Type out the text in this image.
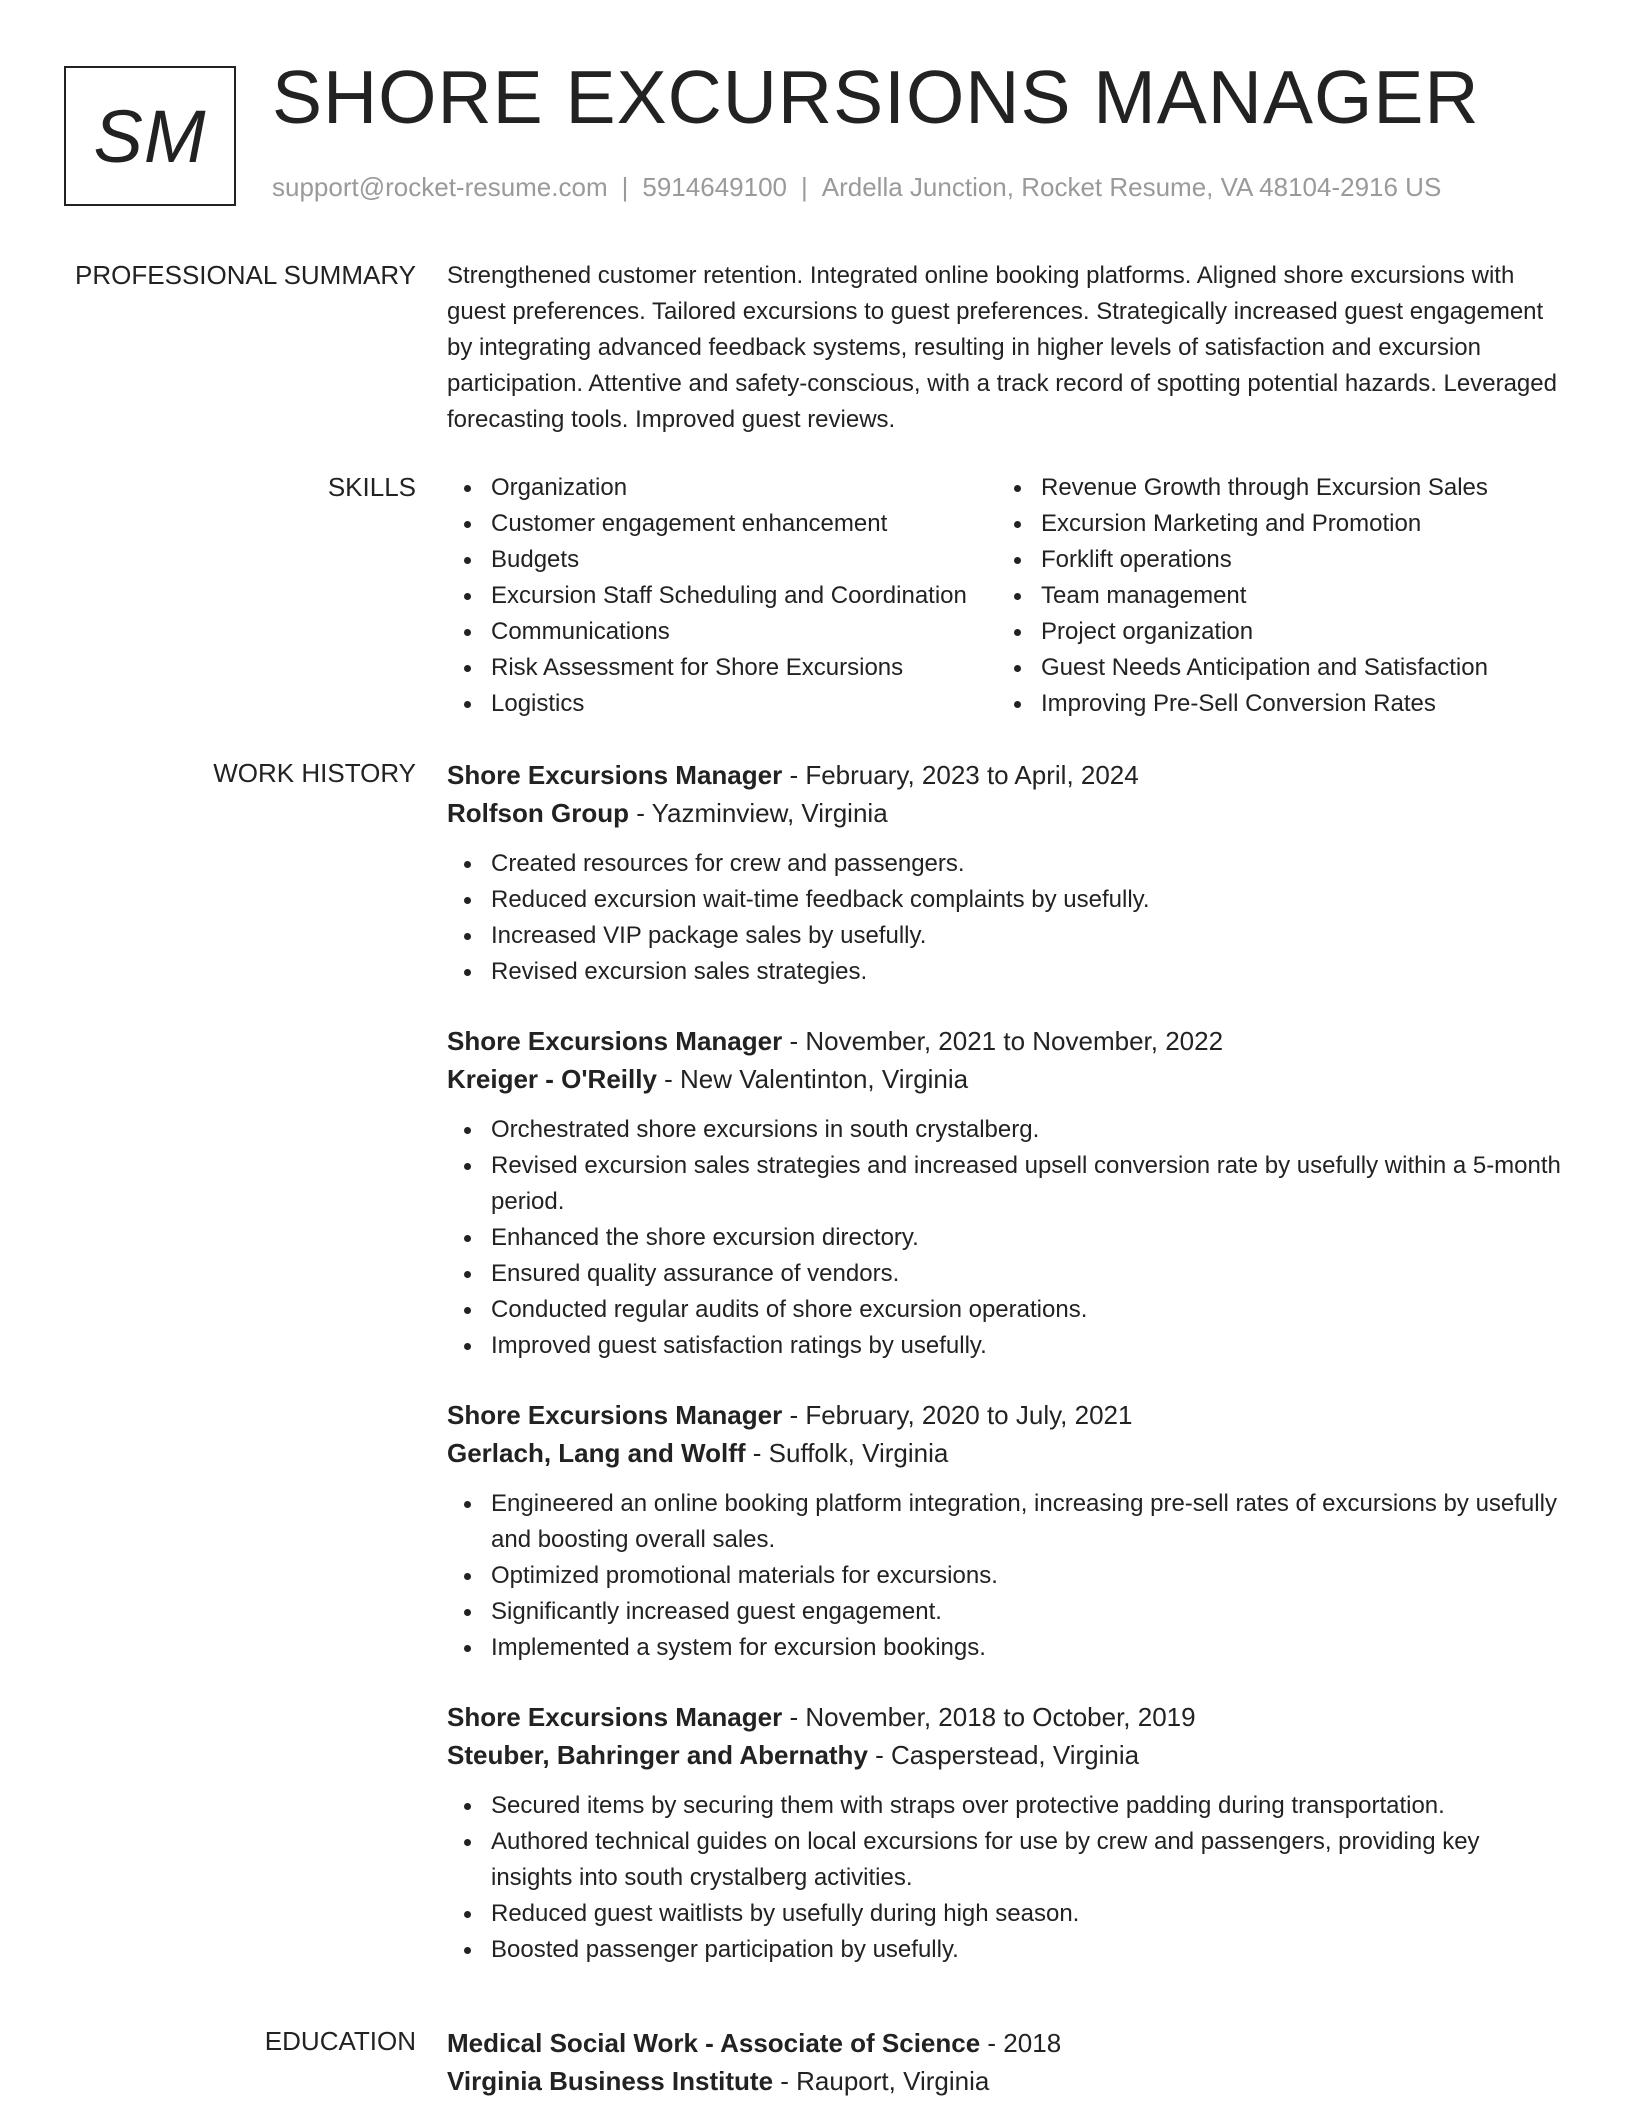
SM SHORE EXCURSIONS MANAGER
support@rocket-resume.com | 5914649100 | Ardella Junction, Rocket Resume, VA 48104-2916 US
PROFESSIONAL SUMMARY Strengthened customer retention. Integrated online booking platforms. Aligned shore excursions with guest preferences. Tailored excursions to guest preferences. Strategically increased guest engagement by integrating advanced feedback systems, resulting in higher levels of satisfaction and excursion participation. Attentive and safety-conscious, with a track record of spotting potential hazards. Leveraged forecasting tools. Improved guest reviews.

SKILLS	Organization
Customer engagement enhancement
Budgets
Excursion Staff Scheduling and Coordination
Communications
Risk Assessment for Shore Excursions
Logistics
Revenue Growth through Excursion Sales
Excursion Marketing and Promotion
Forklift operations
Team management
Project organization
Guest Needs Anticipation and Satisfaction
Improving Pre-Sell Conversion Rates
WORK HISTORY Shore Excursions Manager - February, 2023 to April, 2024
Rolfson Group - Yazminview, Virginia
Created resources for crew and passengers.
Reduced excursion wait-time feedback complaints by usefully.
Increased VIP package sales by usefully.
Revised excursion sales strategies.
Shore Excursions Manager - November, 2021 to November, 2022
Kreiger - O'Reilly - New Valentinton, Virginia
Orchestrated shore excursions in south crystalberg.
Revised excursion sales strategies and increased upsell conversion rate by usefully within a 5-month period.
Enhanced the shore excursion directory.
Ensured quality assurance of vendors.
Conducted regular audits of shore excursion operations.
Improved guest satisfaction ratings by usefully.
Shore Excursions Manager - February, 2020 to July, 2021
Gerlach, Lang and Wolff - Suffolk, Virginia
Engineered an online booking platform integration, increasing pre-sell rates of excursions by usefully and boosting overall sales.
Optimized promotional materials for excursions.
Significantly increased guest engagement.
Implemented a system for excursion bookings.
Shore Excursions Manager - November, 2018 to October, 2019
Steuber, Bahringer and Abernathy - Casperstead, Virginia
Secured items by securing them with straps over protective padding during transportation.
Authored technical guides on local excursions for use by crew and passengers, providing key insights into south crystalberg activities.
Reduced guest waitlists by usefully during high season.
Boosted passenger participation by usefully.
EDUCATION Medical Social Work - Associate of Science - 2018
Virginia Business Institute - Rauport, Virginia
